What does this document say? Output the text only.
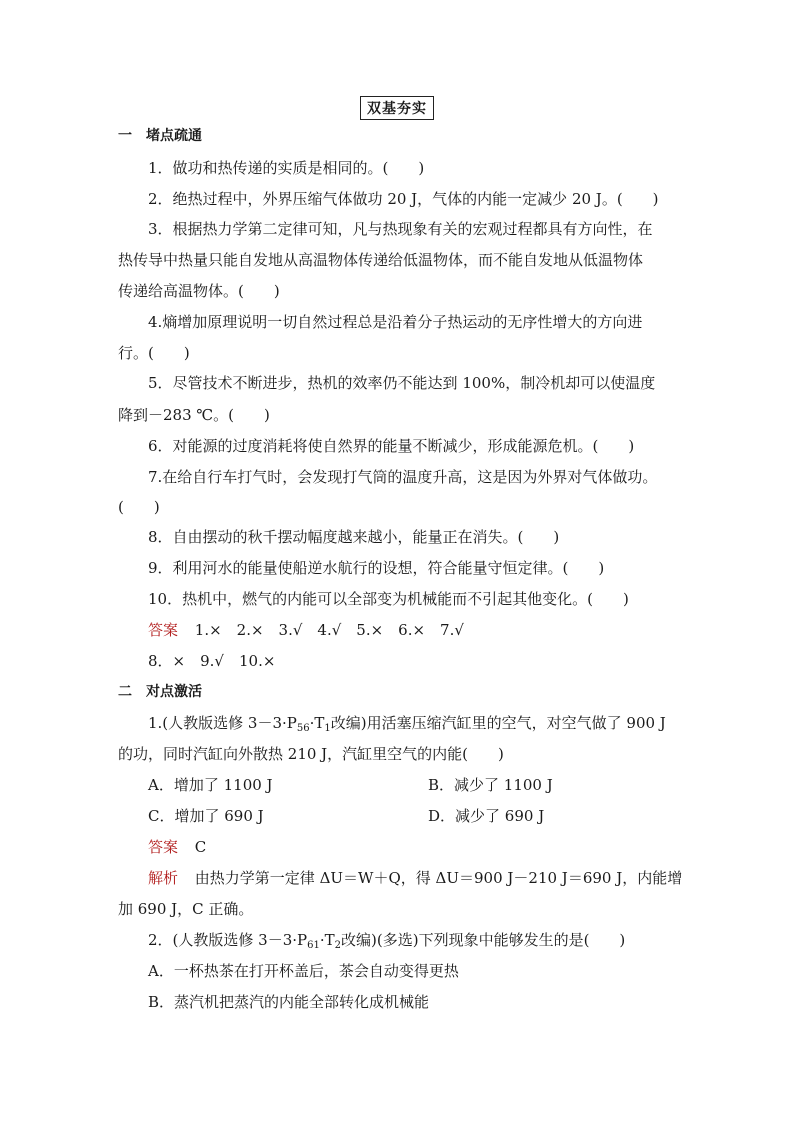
双基夯实
一　堵点疏通
1．做功和热传递的实质是相同的。(　　)
2．绝热过程中，外界压缩气体做功 20 J，气体的内能一定减少 20 J。(　　)
3．根据热力学第二定律可知，凡与热现象有关的宏观过程都具有方向性，在
热传导中热量只能自发地从高温物体传递给低温物体，而不能自发地从低温物体
传递给高温物体。(　　)
4.熵增加原理说明一切自然过程总是沿着分子热运动的无序性增大的方向进
行。(　　)
5．尽管技术不断进步，热机的效率仍不能达到 100%，制冷机却可以使温度
降到－283 ℃。(　　)
6．对能源的过度消耗将使自然界的能量不断减少，形成能源危机。(　　)
7.在给自行车打气时，会发现打气筒的温度升高，这是因为外界对气体做功。
(　　)
8．自由摆动的秋千摆动幅度越来越小，能量正在消失。(　　)
9．利用河水的能量使船逆水航行的设想，符合能量守恒定律。(　　)
10．热机中，燃气的内能可以全部变为机械能而不引起其他变化。(　　)
答案 1.×　2.×　3.√　4.√　5.×　6.×　7.√
8．×　9.√　10.×
二　对点激活
1.(人教版选修 $3-3\cdot P_{56}\cdot T_1$改编)用活塞压缩汽缸里的空气，对空气做了 900 J
的功，同时汽缸向外散热 210 J，汽缸里空气的内能(　　)
A．增加了 1100 J	B．减少了 1100 J
C．增加了 690 J	D．减少了 690 J
答案 C
解析 由热力学第一定律 ΔU＝W＋Q，得 ΔU＝900 J－210 J＝690 J，内能增
加 690 J，C 正确。
2．(人教版选修 $3-3\cdot P_{61}\cdot T_2$改编)(多选)下列现象中能够发生的是(　　)
A．一杯热茶在打开杯盖后，茶会自动变得更热
B．蒸汽机把蒸汽的内能全部转化成机械能
